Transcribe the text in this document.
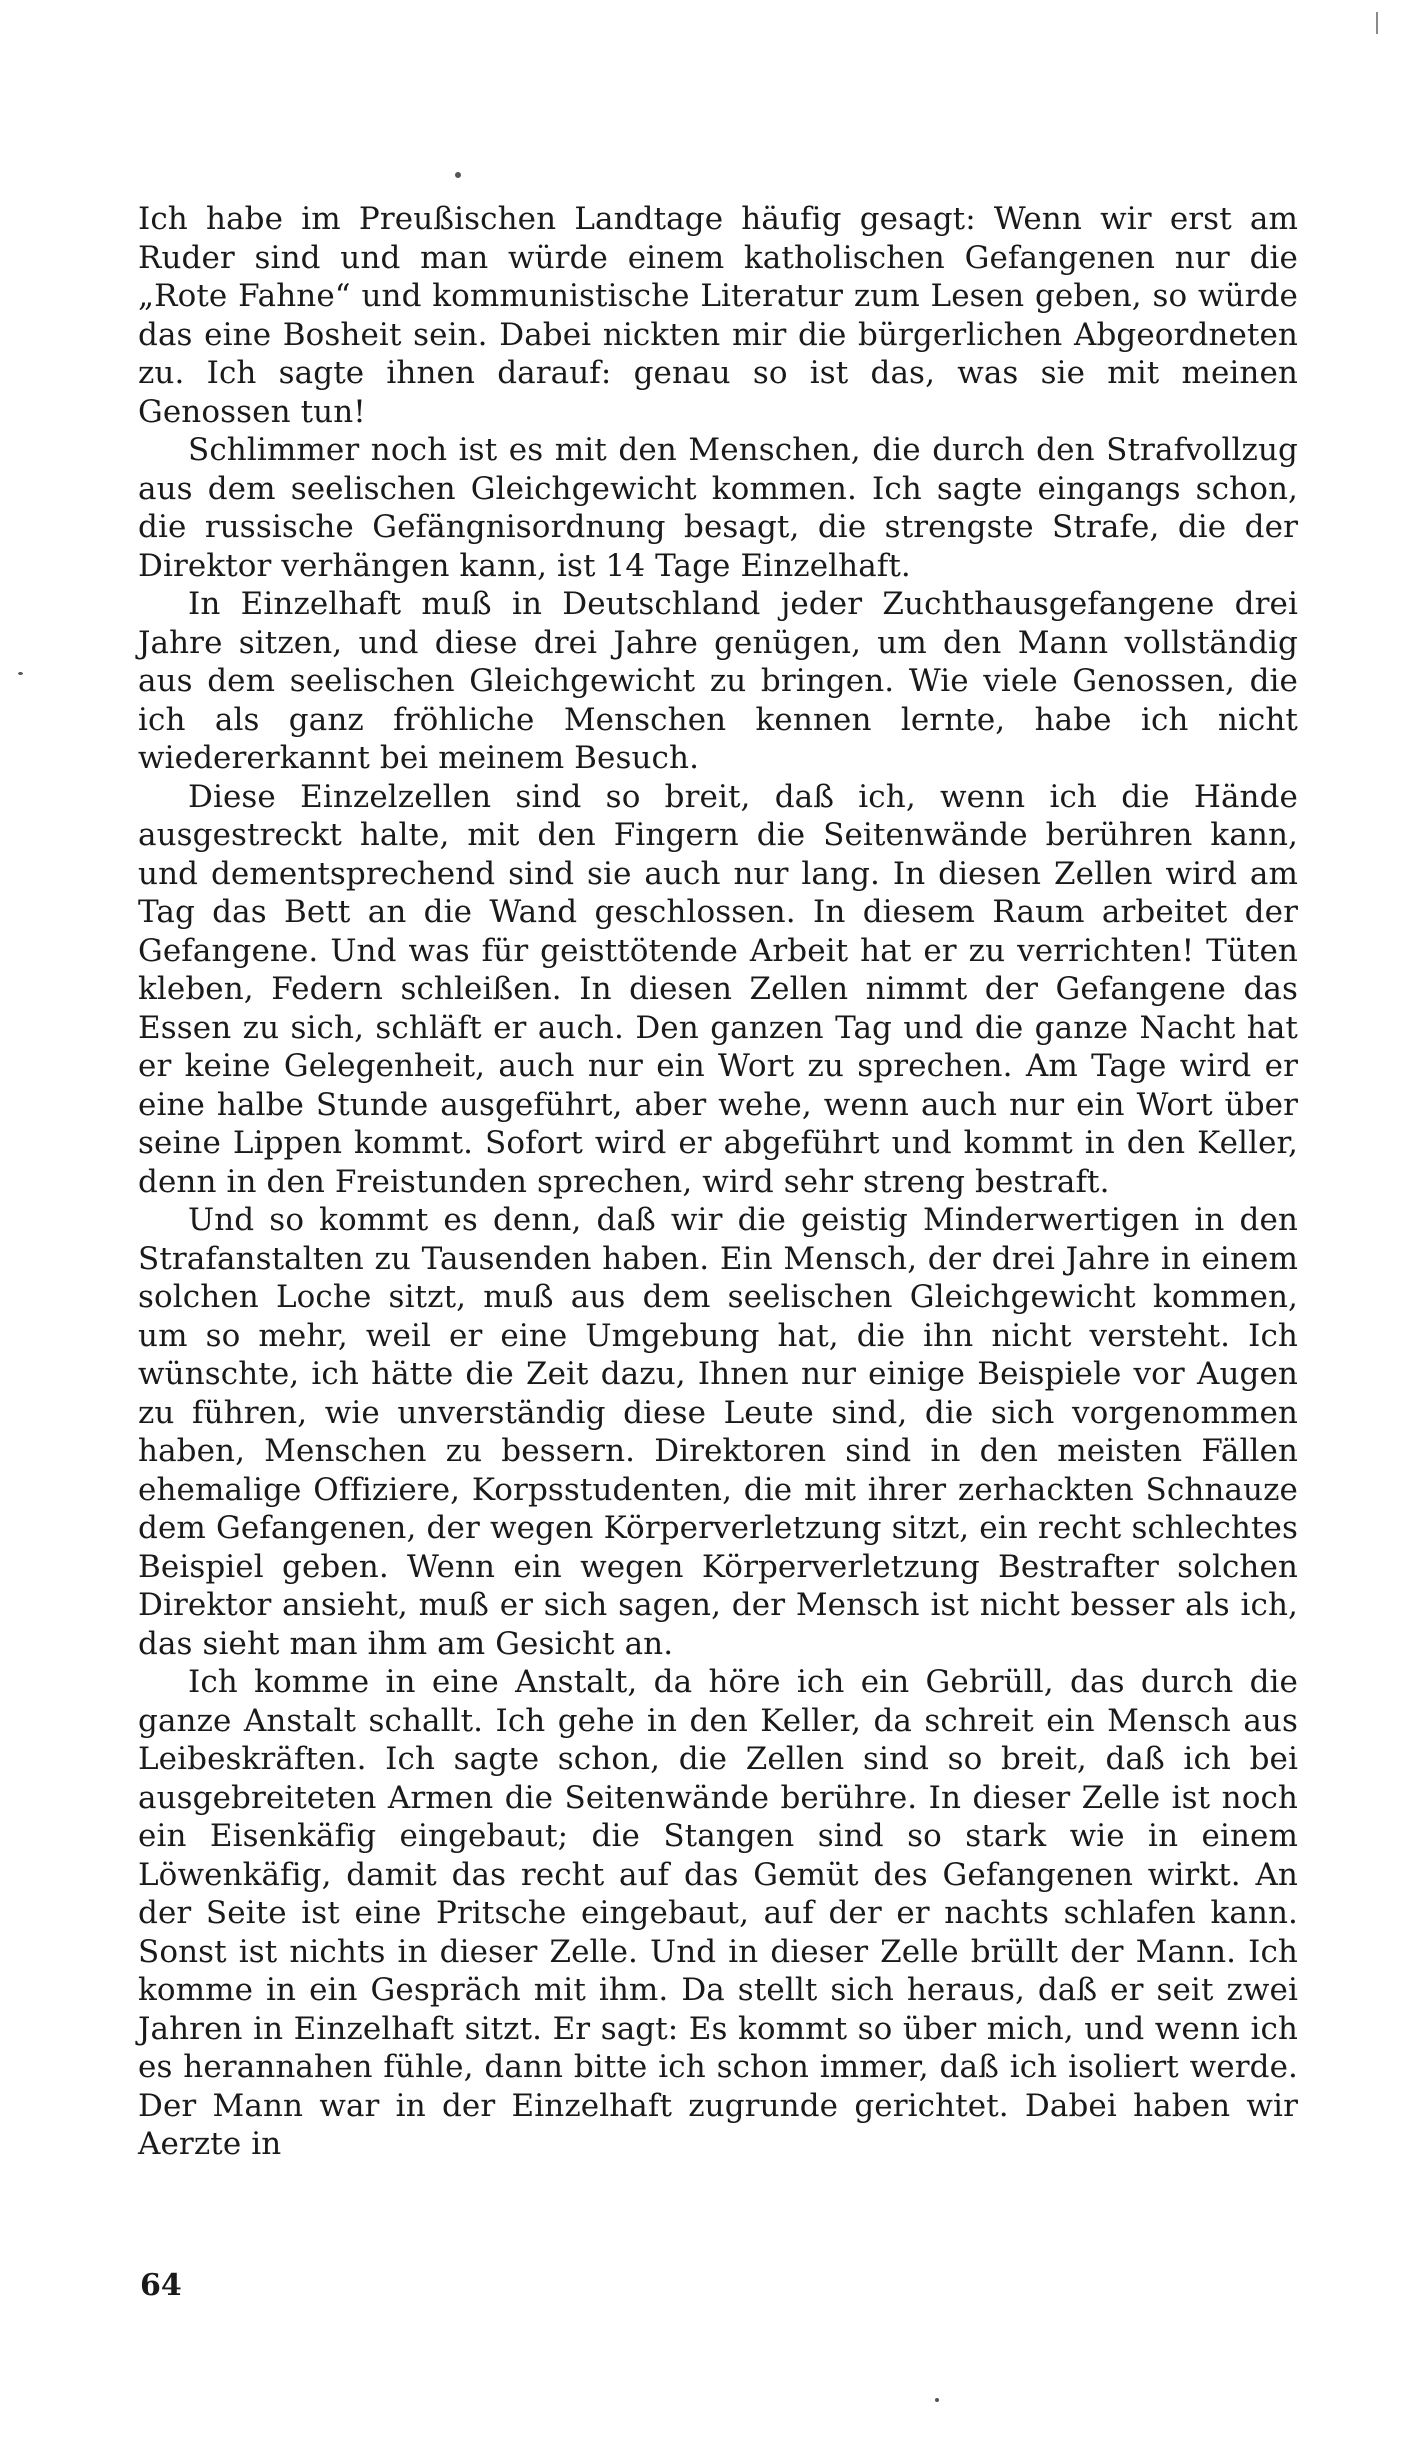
Ich habe im Preußischen Landtage häufig gesagt: Wenn wir erst am Ruder sind und man würde einem katholischen Gefangenen nur die „Rote Fahne“ und kommunistische Literatur zum Lesen geben, so würde das eine Bosheit sein. Dabei nickten mir die bürgerlichen Abgeordneten zu. Ich sagte ihnen darauf: genau so ist das, was sie mit meinen Genossen tun!

Schlimmer noch ist es mit den Menschen, die durch den Strafvollzug aus dem seelischen Gleichgewicht kommen. Ich sagte eingangs schon, die russische Gefängnisordnung besagt, die strengste Strafe, die der Direktor verhängen kann, ist 14 Tage Einzelhaft.

In Einzelhaft muß in Deutschland jeder Zuchthausgefangene drei Jahre sitzen, und diese drei Jahre genügen, um den Mann vollständig aus dem seelischen Gleichgewicht zu bringen. Wie viele Genossen, die ich als ganz fröhliche Menschen kennen lernte, habe ich nicht wiedererkannt bei meinem Besuch.

Diese Einzelzellen sind so breit, daß ich, wenn ich die Hände ausgestreckt halte, mit den Fingern die Seitenwände berühren kann, und dementsprechend sind sie auch nur lang. In diesen Zellen wird am Tag das Bett an die Wand geschlossen. In diesem Raum arbeitet der Gefangene. Und was für geisttötende Arbeit hat er zu verrichten! Tüten kleben, Federn schleißen. In diesen Zellen nimmt der Gefangene das Essen zu sich, schläft er auch. Den ganzen Tag und die ganze Nacht hat er keine Gelegenheit, auch nur ein Wort zu sprechen. Am Tage wird er eine halbe Stunde ausgeführt, aber wehe, wenn auch nur ein Wort über seine Lippen kommt. Sofort wird er abgeführt und kommt in den Keller, denn in den Freistunden sprechen, wird sehr streng bestraft.

Und so kommt es denn, daß wir die geistig Minderwertigen in den Strafanstalten zu Tausenden haben. Ein Mensch, der drei Jahre in einem solchen Loche sitzt, muß aus dem seelischen Gleichgewicht kommen, um so mehr, weil er eine Umgebung hat, die ihn nicht versteht. Ich wünschte, ich hätte die Zeit dazu, Ihnen nur einige Beispiele vor Augen zu führen, wie unverständig diese Leute sind, die sich vorgenommen haben, Menschen zu bessern. Direktoren sind in den meisten Fällen ehemalige Offiziere, Korpsstudenten, die mit ihrer zerhackten Schnauze dem Gefangenen, der wegen Körperverletzung sitzt, ein recht schlechtes Beispiel geben. Wenn ein wegen Körperverletzung Bestrafter solchen Direktor ansieht, muß er sich sagen, der Mensch ist nicht besser als ich, das sieht man ihm am Gesicht an.

Ich komme in eine Anstalt, da höre ich ein Gebrüll, das durch die ganze Anstalt schallt. Ich gehe in den Keller, da schreit ein Mensch aus Leibeskräften. Ich sagte schon, die Zellen sind so breit, daß ich bei ausgebreiteten Armen die Seitenwände berühre. In dieser Zelle ist noch ein Eisenkäfig eingebaut; die Stangen sind so stark wie in einem Löwenkäfig, damit das recht auf das Gemüt des Gefangenen wirkt. An der Seite ist eine Pritsche eingebaut, auf der er nachts schlafen kann. Sonst ist nichts in dieser Zelle. Und in dieser Zelle brüllt der Mann. Ich komme in ein Gespräch mit ihm. Da stellt sich heraus, daß er seit zwei Jahren in Einzelhaft sitzt. Er sagt: Es kommt so über mich, und wenn ich es herannahen fühle, dann bitte ich schon immer, daß ich isoliert werde. Der Mann war in der Einzelhaft zugrunde gerichtet. Dabei haben wir Aerzte in

64
